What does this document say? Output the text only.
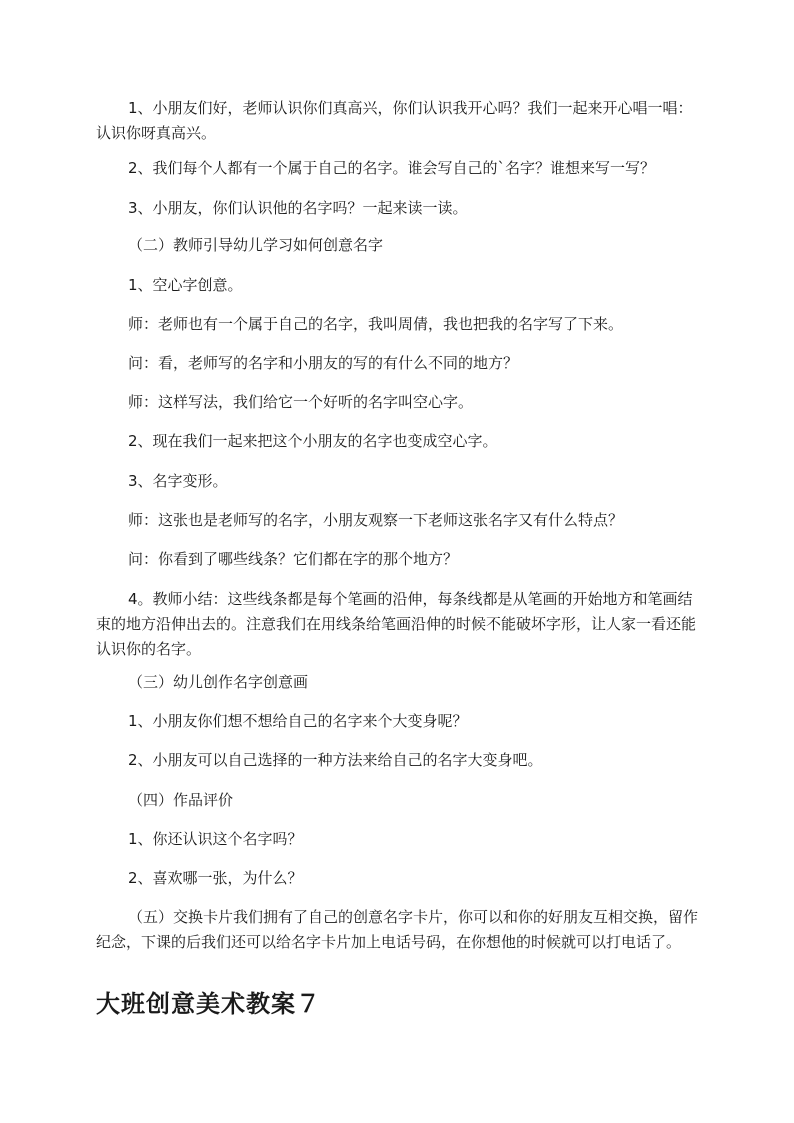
1、小朋友们好，老师认识你们真高兴，你们认识我开心吗？我们一起来开心唱一唱：认识你呀真高兴。

2、我们每个人都有一个属于自己的名字。谁会写自己的`名字？谁想来写一写？

3、小朋友，你们认识他的名字吗？一起来读一读。

（二）教师引导幼儿学习如何创意名字

1、空心字创意。

师：老师也有一个属于自己的名字，我叫周倩，我也把我的名字写了下来。

问：看，老师写的名字和小朋友的写的有什么不同的地方？

师：这样写法，我们给它一个好听的名字叫空心字。

2、现在我们一起来把这个小朋友的名字也变成空心字。

3、名字变形。

师：这张也是老师写的名字，小朋友观察一下老师这张名字又有什么特点？

问：你看到了哪些线条？它们都在字的那个地方？

4。教师小结：这些线条都是每个笔画的沿伸，每条线都是从笔画的开始地方和笔画结束的地方沿伸出去的。注意我们在用线条给笔画沿伸的时候不能破坏字形，让人家一看还能认识你的名字。

（三）幼儿创作名字创意画

1、小朋友你们想不想给自己的名字来个大变身呢？

2、小朋友可以自己选择的一种方法来给自己的名字大变身吧。

（四）作品评价

1、你还认识这个名字吗？

2、喜欢哪一张，为什么？

（五）交换卡片我们拥有了自己的创意名字卡片，你可以和你的好朋友互相交换，留作纪念，下课的后我们还可以给名字卡片加上电话号码，在你想他的时候就可以打电话了。

大班创意美术教案７
